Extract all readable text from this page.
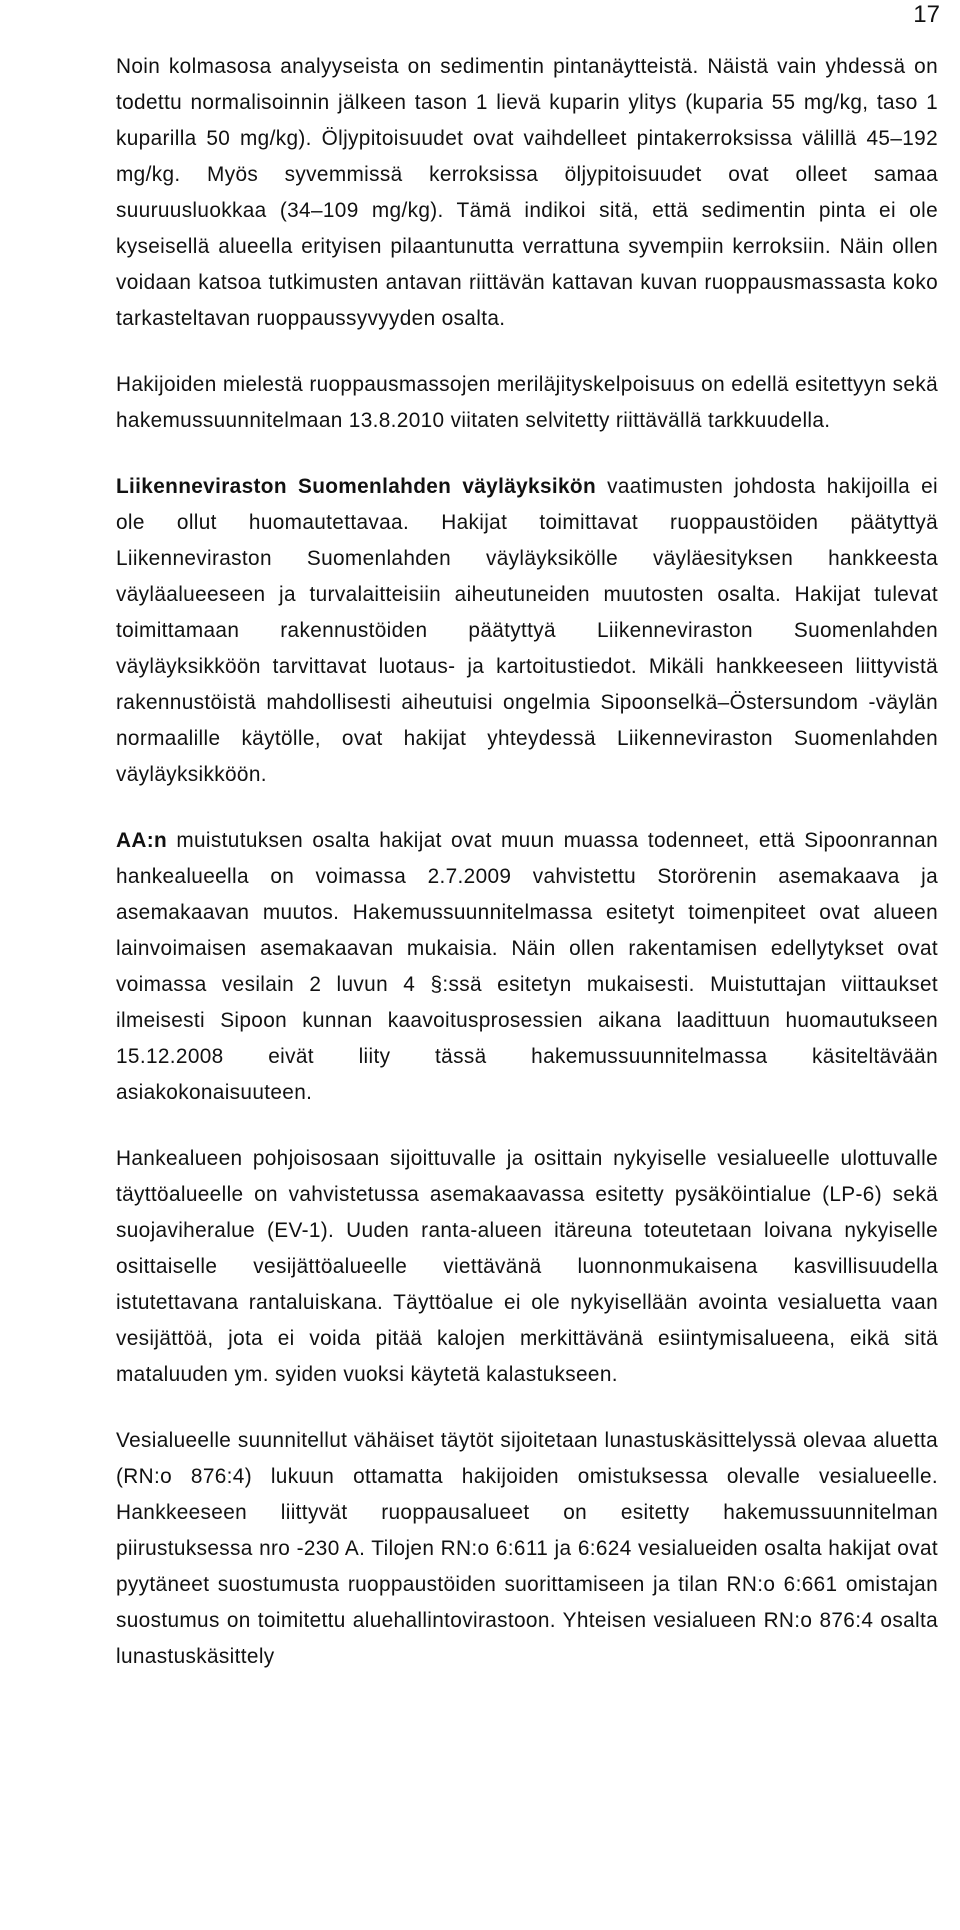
17

Noin kolmasosa analyyseista on sedimentin pintanäytteistä. Näistä vain yhdessä on todettu normalisoinnin jälkeen tason 1 lievä kuparin ylitys (kuparia 55 mg/kg, taso 1 kuparilla 50 mg/kg). Öljypitoisuudet ovat vaihdelleet pintakerroksissa välillä 45–192 mg/kg. Myös syvemmissä kerroksissa öljypitoisuudet ovat olleet samaa suuruusluokkaa (34–109 mg/kg). Tämä indikoi sitä, että sedimentin pinta ei ole kyseisellä alueella erityisen pilaantunutta verrattuna syvempiin kerroksiin. Näin ollen voidaan katsoa tutkimusten antavan riittävän kattavan kuvan ruoppausmassasta koko tarkasteltavan ruoppaussyvyyden osalta.

Hakijoiden mielestä ruoppausmassojen meriläjityskelpoisuus on edellä esitettyyn sekä hakemussuunnitelmaan 13.8.2010 viitaten selvitetty riittävällä tarkkuudella.

Liikenneviraston Suomenlahden väyläyksikön vaatimusten johdosta hakijoilla ei ole ollut huomautettavaa. Hakijat toimittavat ruoppaustöiden päätyttyä Liikenneviraston Suomenlahden väyläyksikölle väyläesityksen hankkeesta väyläalueeseen ja turvalaitteisiin aiheutuneiden muutosten osalta. Hakijat tulevat toimittamaan rakennustöiden päätyttyä Liikenneviraston Suomenlahden väyläyksikköön tarvittavat luotaus- ja kartoitustiedot. Mikäli hankkeeseen liittyvistä rakennustöistä mahdollisesti aiheutuisi ongelmia Sipoonselkä–Östersundom -väylän normaalille käytölle, ovat hakijat yhteydessä Liikenneviraston Suomenlahden väyläyksikköön.

AA:n muistutuksen osalta hakijat ovat muun muassa todenneet, että Sipoonrannan hankealueella on voimassa 2.7.2009 vahvistettu Storörenin asemakaava ja asemakaavan muutos. Hakemussuunnitelmassa esitetyt toimenpiteet ovat alueen lainvoimaisen asemakaavan mukaisia. Näin ollen rakentamisen edellytykset ovat voimassa vesilain 2 luvun 4 §:ssä esitetyn mukaisesti. Muistuttajan viittaukset ilmeisesti Sipoon kunnan kaavoitusprosessien aikana laadittuun huomautukseen 15.12.2008 eivät liity tässä hakemussuunnitelmassa käsiteltävään asiakokonaisuuteen.

Hankealueen pohjoisosaan sijoittuvalle ja osittain nykyiselle vesialueelle ulottuvalle täyttöalueelle on vahvistetussa asemakaavassa esitetty pysäköintialue (LP-6) sekä suojaviheralue (EV-1). Uuden ranta-alueen itäreuna toteutetaan loivana nykyiselle osittaiselle vesijättöalueelle viettävänä luonnonmukaisena kasvillisuudella istutettavana rantaluiskana. Täyttöalue ei ole nykyisellään avointa vesialuetta vaan vesijättöä, jota ei voida pitää kalojen merkittävänä esiintymisalueena, eikä sitä mataluuden ym. syiden vuoksi käytetä kalastukseen.

Vesialueelle suunnitellut vähäiset täytöt sijoitetaan lunastuskäsittelyssä olevaa aluetta (RN:o 876:4) lukuun ottamatta hakijoiden omistuksessa olevalle vesialueelle. Hankkeeseen liittyvät ruoppausalueet on esitetty hakemussuunnitelman piirustuksessa nro -230 A. Tilojen RN:o 6:611 ja 6:624 vesialueiden osalta hakijat ovat pyytäneet suostumusta ruoppaustöiden suorittamiseen ja tilan RN:o 6:661 omistajan suostumus on toimitettu aluehallintovirastoon. Yhteisen vesialueen RN:o 876:4 osalta lunastuskäsittely
